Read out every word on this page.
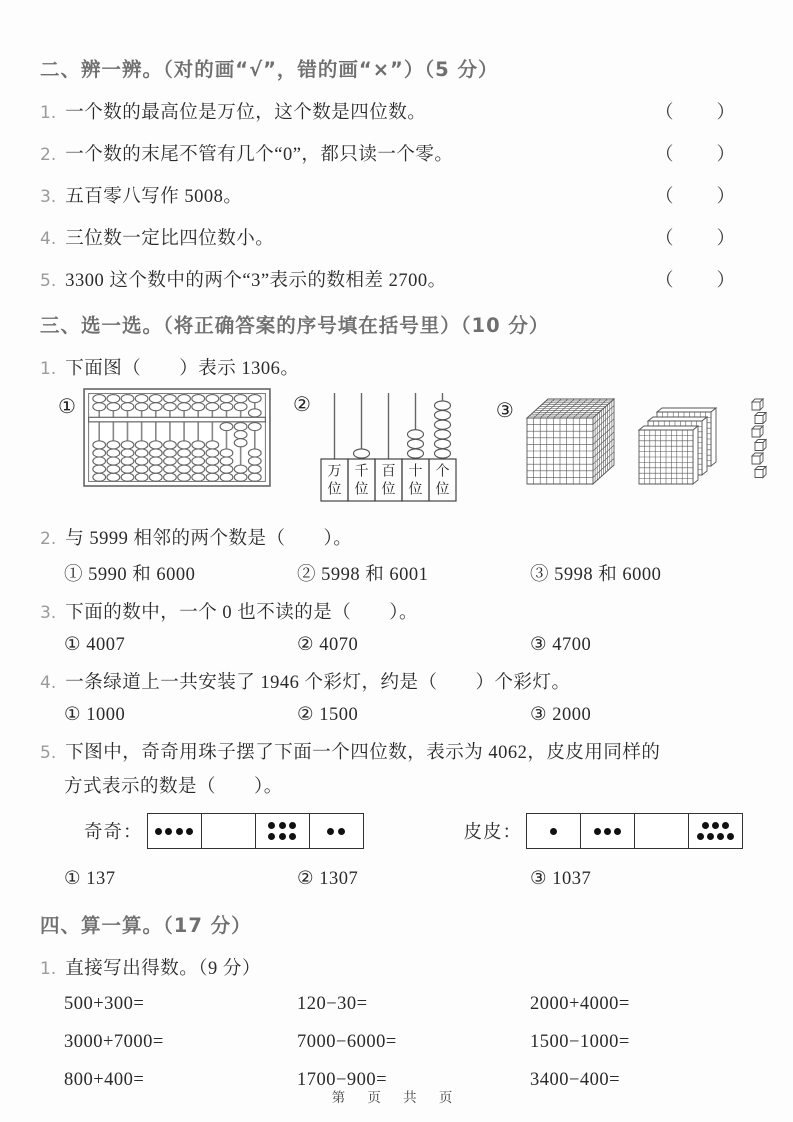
二、辨一辨。（对的画“√”，错的画“×”）（5 分）
1. 一个数的最高位是万位，这个数是四位数。	（　　）
2. 一个数的末尾不管有几个“0”，都只读一个零。	（　　）
3. 五百零八写作 5008。	（　　）
4. 三位数一定比四位数小。	（　　）
5. 3300 这个数中的两个“3”表示的数相差 2700。	（　　）
三、选一选。（将正确答案的序号填在括号里）（10 分）
1. 下面图（　　）表示 1306。
①	②
万
位
千
位
百
位
十
位
个
位
③
2. 与 5999 相邻的两个数是（　　）。
① 5990 和 6000	② 5998 和 6001	③ 5998 和 6000
3. 下面的数中，一个 0 也不读的是（　　）。
① 4007	② 4070	③ 4700
4. 一条绿道上一共安装了 1946 个彩灯，约是（　　）个彩灯。
① 1000	② 1500	③ 2000
5. 下图中，奇奇用珠子摆了下面一个四位数，表示为 4062，皮皮用同样的
方式表示的数是（　　）。
奇奇：	皮皮：
① 137	② 1307	③ 1037
四、算一算。（17 分）
1. 直接写出得数。（9 分）
500+300=	120−30=	2000+4000=
3000+7000=	7000−6000=	1500−1000=
800+400=	1700−900=	3400−400=
第 页 共 页
